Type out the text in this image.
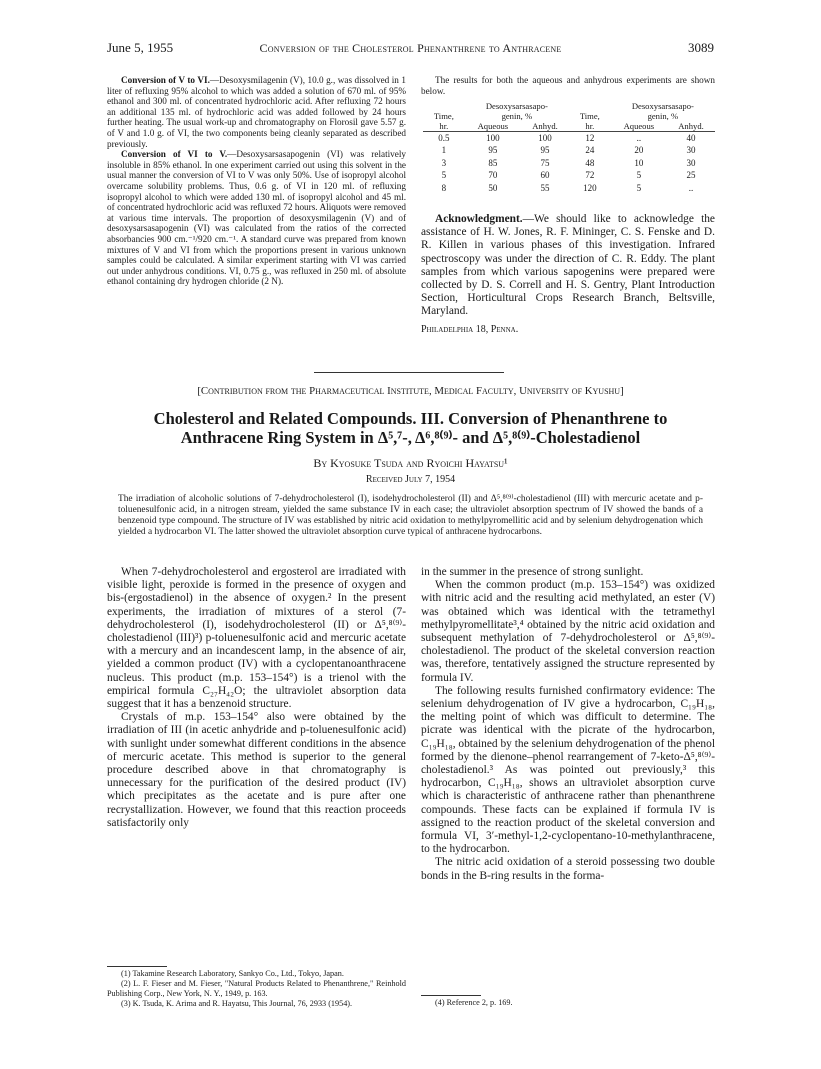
June 5, 1955	Conversion of the Cholesterol Phenanthrene to Anthracene	3089

Conversion of V to VI.—Desoxysmilagenin (V), 10.0 g., was dissolved in 1 liter of refluxing 95% alcohol to which was added a solution of 670 ml. of 95% ethanol and 300 ml. of concentrated hydrochloric acid. After refluxing 72 hours an additional 135 ml. of hydrochloric acid was added followed by 24 hours further heating. The usual work-up and chromatography on Florosil gave 5.57 g. of V and 1.0 g. of VI, the two components being cleanly separated as described previously.

Conversion of VI to V.—Desoxysarsasapogenin (VI) was relatively insoluble in 85% ethanol. In one experiment carried out using this solvent in the usual manner the conversion of VI to V was only 50%. Use of isopropyl alcohol overcame solubility problems. Thus, 0.6 g. of VI in 120 ml. of refluxing isopropyl alcohol to which were added 130 ml. of isopropyl alcohol and 45 ml. of concentrated hydrochloric acid was refluxed 72 hours. Aliquots were removed at various time intervals. The proportion of desoxysmilagenin (V) and of desoxysarsasapogenin (VI) was calculated from the ratios of the corrected absorbancies 900 cm.⁻¹/920 cm.⁻¹. A standard curve was prepared from known mixtures of V and VI from which the proportions present in various unknown samples could be calculated. A similar experiment starting with VI was carried out under anhydrous conditions. VI, 0.75 g., was refluxed in 250 ml. of absolute ethanol containing dry hydrogen chloride (2 N).

The results for both the aqueous and anhydrous experiments are shown below.

	Desoxysarsasapo-			Desoxysarsasapo-	
Time,	genin, %		Time,	genin, %	
hr.	Aqueous	Anhyd.	hr.	Aqueous	Anhyd.
0.5	100	100	12	..	40
1	95	95	24	20	30
3	85	75	48	10	30
5	70	60	72	5	25
8	50	55	120	5	..

Acknowledgment.—We should like to acknowledge the assistance of H. W. Jones, R. F. Mininger, C. S. Fenske and D. R. Killen in various phases of this investigation. Infrared spectroscopy was under the direction of C. R. Eddy. The plant samples from which various sapogenins were prepared were collected by D. S. Correll and H. S. Gentry, Plant Introduction Section, Horticultural Crops Research Branch, Beltsville, Maryland.

Philadelphia 18, Penna.

[Contribution from the Pharmaceutical Institute, Medical Faculty, University of Kyushu]
Cholesterol and Related Compounds. III. Conversion of Phenanthrene to
Anthracene Ring System in Δ⁵,⁷-, Δ⁶,⁸⁽⁹⁾- and Δ⁵,⁸⁽⁹⁾-Cholestadienol
By Kyosuke Tsuda and Ryoichi Hayatsu¹
Received July 7, 1954
The irradiation of alcoholic solutions of 7-dehydrocholesterol (I), isodehydrocholesterol (II) and Δ⁵,⁸⁽⁹⁾-cholestadienol (III) with mercuric acetate and p-toluenesulfonic acid, in a nitrogen stream, yielded the same substance IV in each case; the ultraviolet absorption spectrum of IV showed the bands of a benzenoid type compound. The structure of IV was established by nitric acid oxidation to methylpyromellitic acid and by selenium dehydrogenation which yielded a hydrocarbon VI. The latter showed the ultraviolet absorption curve typical of anthracene hydrocarbons.

When 7-dehydrocholesterol and ergosterol are irradiated with visible light, peroxide is formed in the presence of oxygen and bis-(ergostadienol) in the absence of oxygen.² In the present experiments, the irradiation of mixtures of a sterol (7-dehydrocholesterol (I), isodehydrocholesterol (II) or Δ⁵,⁸⁽⁹⁾-cholestadienol (III)³) p-toluenesulfonic acid and mercuric acetate with a mercury and an incandescent lamp, in the absence of air, yielded a common product (IV) with a cyclopentanoanthracene nucleus. This product (m.p. 153–154°) is a trienol with the empirical formula C₂₇H₄₂O; the ultraviolet absorption data suggest that it has a benzenoid structure.

Crystals of m.p. 153–154° also were obtained by the irradiation of III (in acetic anhydride and p-toluenesulfonic acid) with sunlight under somewhat different conditions in the absence of mercuric acetate. This method is superior to the general procedure described above in that chromatography is unnecessary for the purification of the desired product (IV) which precipitates as the acetate and is pure after one recrystallization. However, we found that this reaction proceeds satisfactorily only

(1) Takamine Research Laboratory, Sankyo Co., Ltd., Tokyo, Japan.

(2) L. F. Fieser and M. Fieser, "Natural Products Related to Phenanthrene," Reinhold Publishing Corp., New York, N. Y., 1949, p. 163.

(3) K. Tsuda, K. Arima and R. Hayatsu, This Journal, 76, 2933 (1954).

in the summer in the presence of strong sunlight.

When the common product (m.p. 153–154°) was oxidized with nitric acid and the resulting acid methylated, an ester (V) was obtained which was identical with the tetramethyl methylpyromellitate³,⁴ obtained by the nitric acid oxidation and subsequent methylation of 7-dehydrocholesterol or Δ⁵,⁸⁽⁹⁾-cholestadienol. The product of the skeletal conversion reaction was, therefore, tentatively assigned the structure represented by formula IV.

The following results furnished confirmatory evidence: The selenium dehydrogenation of IV give a hydrocarbon, C₁₉H₁₈, the melting point of which was difficult to determine. The picrate was identical with the picrate of the hydrocarbon, C₁₉H₁₈, obtained by the selenium dehydrogenation of the phenol formed by the dienone–phenol rearrangement of 7-keto-Δ⁵,⁸⁽⁹⁾-cholestadienol.³ As was pointed out previously,³ this hydrocarbon, C₁₉H₁₈, shows an ultraviolet absorption curve which is characteristic of anthracene rather than phenanthrene compounds. These facts can be explained if formula IV is assigned to the reaction product of the skeletal conversion and formula VI, 3′-methyl-1,2-cyclopentano-10-methylanthracene, to the hydrocarbon.

The nitric acid oxidation of a steroid possessing two double bonds in the B-ring results in the forma-

(4) Reference 2, p. 169.
